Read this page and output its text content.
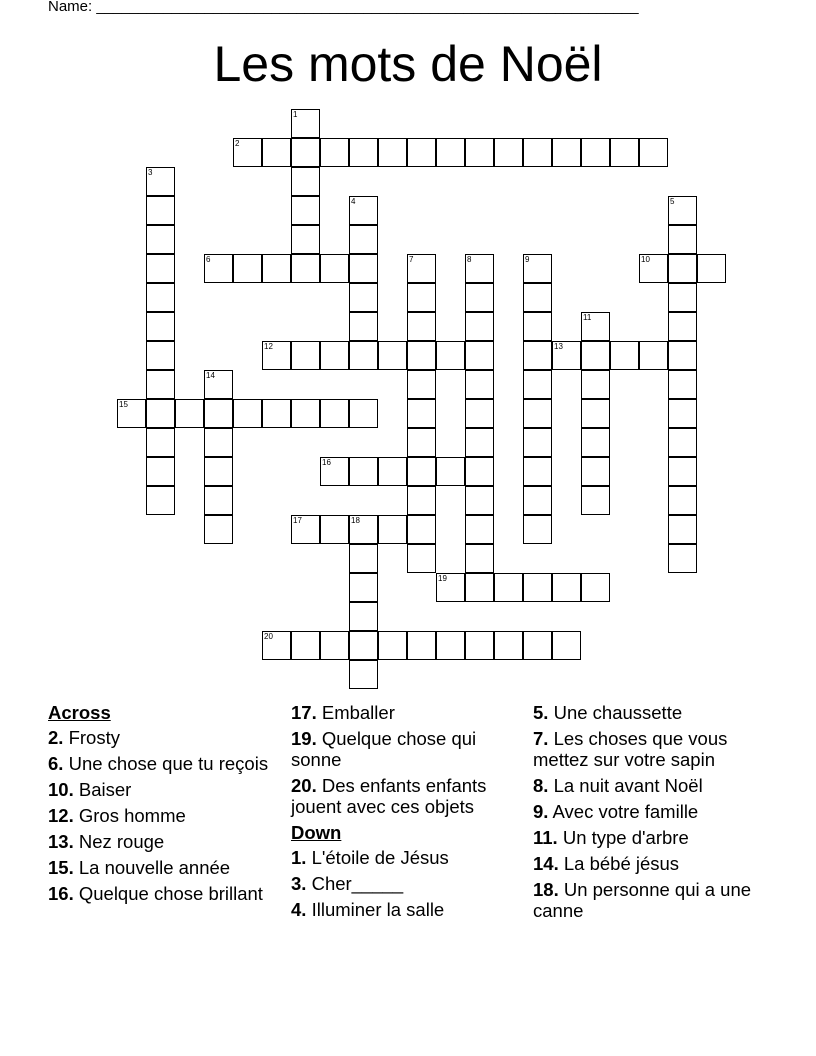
Name: _________________________________________________________________
Les mots de Noël
2
6	10
12	13
15
16
17	18
19
20
1
3
4	5
7	8	9
11
14
Across
2. Frosty
6. Une chose que tu reçois
10. Baiser
12. Gros homme
13. Nez rouge
15. La nouvelle année
16. Quelque chose brillant
17. Emballer
19. Quelque chose qui sonne
20. Des enfants enfants jouent avec ces objets
Down
1. L'étoile de Jésus
3. Cher_____
4. Illuminer la salle
5. Une chaussette
7. Les choses que vous mettez sur votre sapin
8. La nuit avant Noël
9. Avec votre famille
11. Un type d'arbre
14. La bébé jésus
18. Un personne qui a une canne
